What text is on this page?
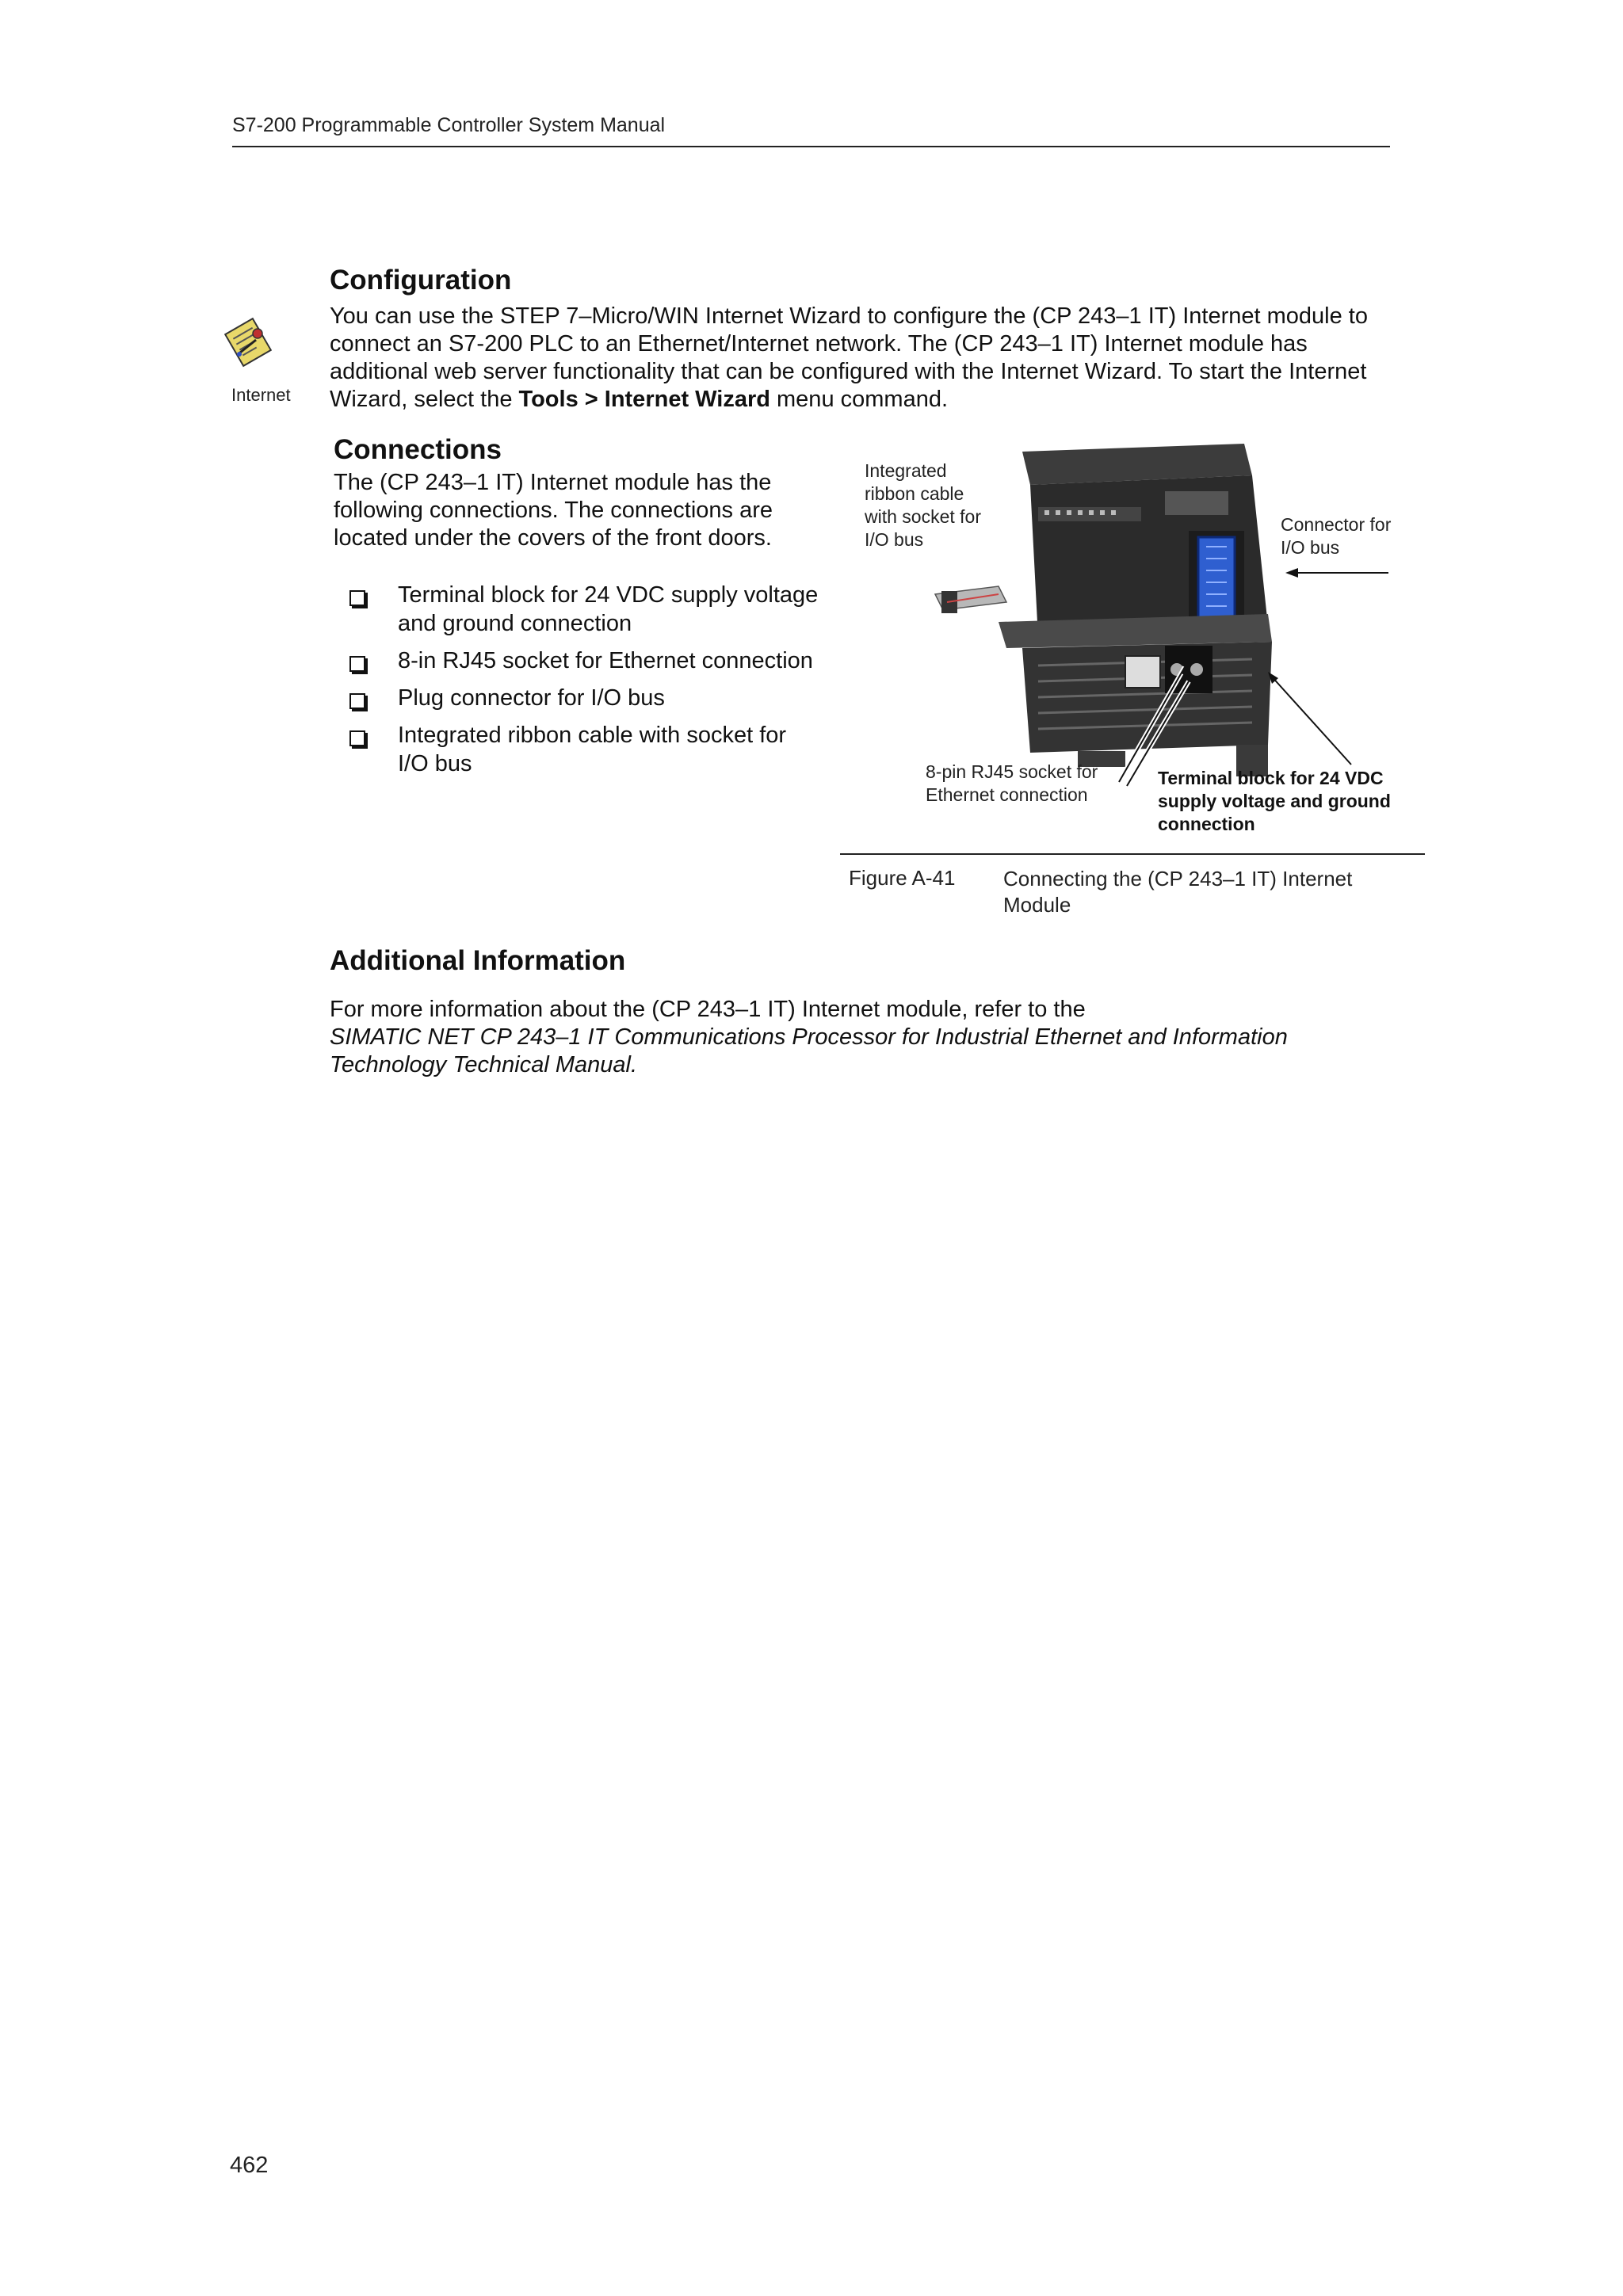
S7-200 Programmable Controller System Manual
Internet
Configuration
You can use the STEP 7–Micro/WIN Internet Wizard to configure the (CP 243–1 IT) Internet module to connect an S7-200 PLC to an Ethernet/Internet network. The (CP 243–1 IT) Internet module has additional web server functionality that can be configured with the Internet Wizard. To start the Internet Wizard, select the Tools > Internet Wizard menu command.
Connections
The (CP 243–1 IT) Internet module has the following connections. The connections are located under the covers of the front doors.
Terminal block for 24 VDC supply voltage and ground connection
8-in RJ45 socket for Ethernet connection
Plug connector for I/O bus
Integrated ribbon cable with socket for I/O bus
Integrated ribbon cable with socket for I/O bus
Connector for I/O bus
8-pin RJ45 socket for Ethernet connection
Terminal block for 24 VDC supply voltage and ground connection
Figure A-41 Connecting the (CP 243–1 IT) Internet Module
Additional Information
For more information about the (CP 243–1 IT) Internet module, refer to the
SIMATIC NET CP 243–1 IT Communications Processor for Industrial Ethernet and Information Technology Technical Manual.
462
